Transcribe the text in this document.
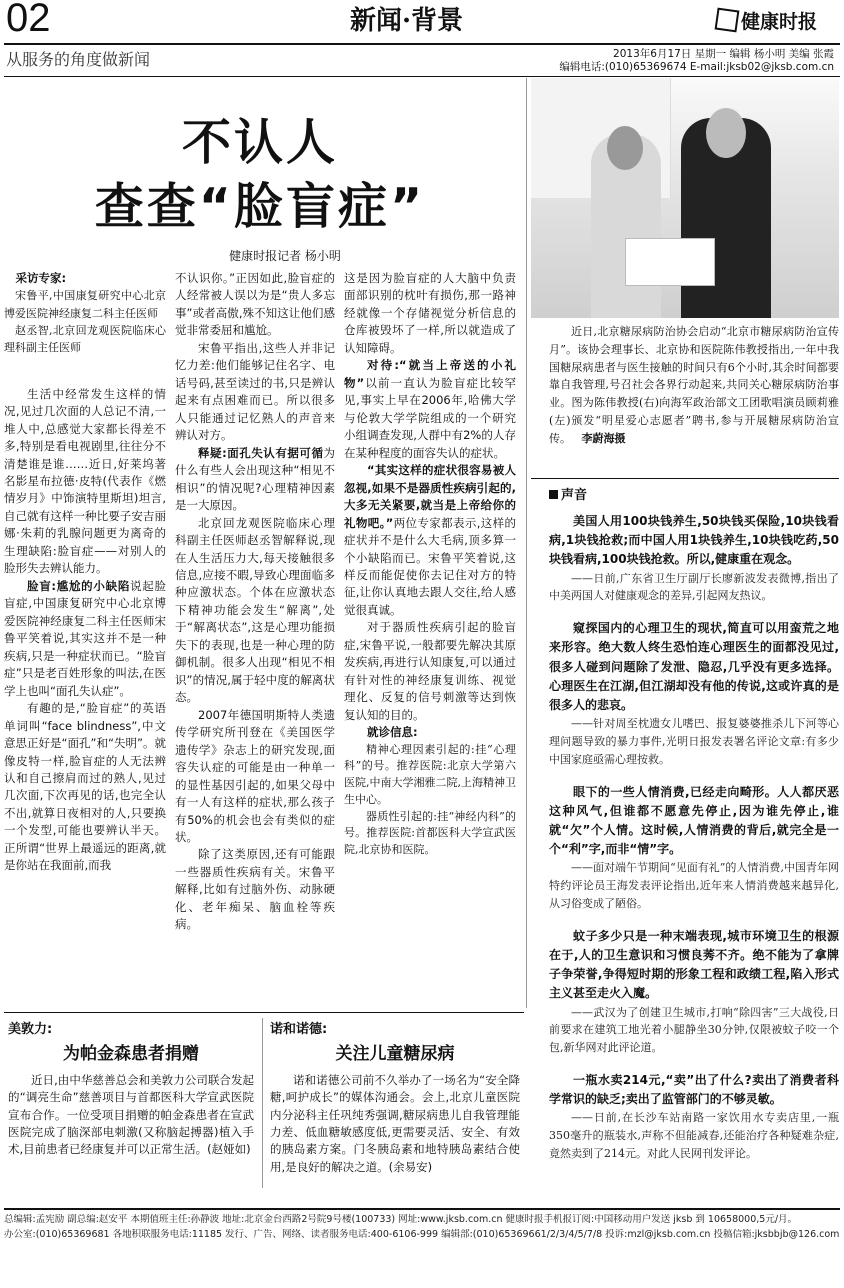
02
从服务的角度做新闻
新闻·背景	健康时报
2013年6月17日 星期一 编辑 杨小明 美编 张霞
编辑电话:(010)65369674 E-mail:jksb02@jksb.com.cn
不认人
查查“脸盲症”
健康时报记者 杨小明

采访专家:

宋鲁平,中国康复研究中心北京博爱医院神经康复二科主任医师

赵丞智,北京回龙观医院临床心理科副主任医师

生活中经常发生这样的情况,见过几次面的人总记不清,一堆人中,总感觉大家都长得差不多,特别是看电视剧里,往往分不清楚谁是谁……近日,好莱坞著名影星布拉德·皮特(代表作《燃情岁月》中饰演特里斯坦)坦言,自己就有这样一种比要子安吉丽娜·朱莉的乳腺问题更为离奇的生理缺陷:脸盲症——对别人的脸形失去辨认能力。

脸盲:尴尬的小缺陷说起脸盲症,中国康复研究中心北京博爱医院神经康复二科主任医师宋鲁平笑着说,其实这并不是一种疾病,只是一种症状而已。“脸盲症”只是老百姓形象的叫法,在医学上也叫“面孔失认症”。

有趣的是,“脸盲症”的英语单词叫“face blindness”,中文意思正好是“面孔”和“失明”。就像皮特一样,脸盲症的人无法辨认和自己擦肩而过的熟人,见过几次面,下次再见的话,也完全认不出,就算日夜相对的人,只要换一个发型,可能也要辨认半天。正所谓“世界上最遥远的距离,就是你站在我面前,而我

不认识你。”正因如此,脸盲症的人经常被人误以为是“贵人多忘事”或者高傲,殊不知这让他们感觉非常委屈和尴尬。

宋鲁平指出,这些人并非记忆力差:他们能够记住名字、电话号码,甚至读过的书,只是辨认起来有点困难而已。所以很多人只能通过记忆熟人的声音来辨认对方。

释疑:面孔失认有据可循为什么有些人会出现这种“相见不相识”的情况呢?心理精神因素是一大原因。

北京回龙观医院临床心理科副主任医师赵丞智解释说,现在人生活压力大,每天接触很多信息,应接不暇,导致心理面临多种应激状态。个体在应激状态下精神功能会发生“解离”,处于“解离状态”,这是心理功能损失下的表现,也是一种心理的防御机制。很多人出现“相见不相识”的情况,属于轻中度的解离状态。

2007年德国明斯特人类遗传学研究所刊登在《美国医学遗传学》杂志上的研究发现,面容失认症的可能是由一种单一的显性基因引起的,如果父母中有一人有这样的症状,那么孩子有50%的机会也会有类似的症状。

除了这类原因,还有可能跟一些器质性疾病有关。宋鲁平解释,比如有过脑外伤、动脉硬化、老年痴呆、脑血栓等疾病。

这是因为脸盲症的人大脑中负责面部识别的枕叶有损伤,那一路神经就像一个存储视觉分析信息的仓库被毁坏了一样,所以就造成了认知障碍。

对待:“就当上帝送的小礼物”以前一直认为脸盲症比较罕见,事实上早在2006年,哈佛大学与伦敦大学学院组成的一个研究小组调查发现,人群中有2%的人存在某种程度的面容失认的症状。

“其实这样的症状很容易被人忽视,如果不是器质性疾病引起的,大多无关紧要,就当是上帝给你的礼物吧。”两位专家都表示,这样的症状并不是什么大毛病,顶多算一个小缺陷而已。宋鲁平笑着说,这样反而能促使你去记住对方的特征,让你认真地去跟人交往,给人感觉很真诚。

对于器质性疾病引起的脸盲症,宋鲁平说,一般都要先解决其原发疾病,再进行认知康复,可以通过有针对性的神经康复训练、视觉理化、反复的信号刺激等达到恢复认知的目的。

就诊信息:

精神心理因素引起的:挂“心理科”的号。推荐医院:北京大学第六医院,中南大学湘雅二院,上海精神卫生中心。

器质性引起的:挂“神经内科”的号。推荐医院:首都医科大学宣武医院,北京协和医院。

近日,北京糖尿病防治协会启动“北京市糖尿病防治宣传月”。该协会理事长、北京协和医院陈伟教授指出,一年中我国糖尿病患者与医生接触的时间只有6个小时,其余时间都要靠自我管理,号召社会各界行动起来,共同关心糖尿病防治事业。图为陈伟教授(右)向海军政治部文工团歌唱演员顾莉雅(左)颁发“明星爱心志愿者”聘书,参与开展糖尿病防治宣传。 李蔚海摄

声音
美国人用100块钱养生,50块钱买保险,10块钱看病,1块钱抢救;而中国人用1块钱养生,10块钱吃药,50块钱看病,100块钱抢救。所以,健康重在观念。
——日前,广东省卫生厅副厅长廖新波发表微博,指出了中美两国人对健康观念的差异,引起网友热议。
窥探国内的心理卫生的现状,简直可以用蛮荒之地来形容。绝大数人终生恐怕连心理医生的面都没见过,很多人碰到问题除了发泄、隐忍,几乎没有更多选择。心理医生在江湖,但江湖却没有他的传说,这或许真的是很多人的悲哀。
——针对周至枕遗女儿嗜巴、报复婆婆推杀儿下河等心理问题导致的暴力事件,光明日报发表署名评论文章:有多少中国家庭亟需心理按救。
眼下的一些人情消费,已经走向畸形。人人都厌恶这种风气,但谁都不愿意先停止,因为谁先停止,谁就“欠”个人情。这时候,人情消费的背后,就完全是一个“利”字,而非“情”字。
——面对端午节期间“见面有礼”的人情消费,中国青年网特约评论员王海发表评论指出,近年来人情消费越来越异化,从习俗变成了陋俗。
蚊子多少只是一种末端表现,城市环境卫生的根源在于,人的卫生意识和习惯良莠不齐。绝不能为了拿牌子争荣誉,争得短时期的形象工程和政绩工程,陷入形式主义甚至走火入魔。
——武汉为了创建卫生城市,打响“除四害”三大战役,日前要求在建筑工地光着小腿静坐30分钟,仅限被蚊子咬一个包,新华网对此评论道。
一瓶水卖214元,“卖”出了什么?卖出了消费者科学常识的缺乏;卖出了监管部门的不够灵敏。
——日前,在长沙车站南路一家饮用水专卖店里,一瓶350毫升的瓶装水,声称不但能减春,还能治疗各种疑难杂症,竟然卖到了214元。对此人民网刊发评论。
美敦力:
为帕金森患者捐赠

近日,由中华慈善总会和美敦力公司联合发起的“调亮生命”慈善项目与首都医科大学宣武医院宣布合作。一位受项目捐赠的帕金森患者在宣武医院完成了脑深部电刺激(又称脑起搏器)植入手术,目前患者已经康复并可以正常生活。(赵娅如)

诺和诺德:
关注儿童糖尿病

诺和诺德公司前不久举办了一场名为“安全降糖,呵护成长”的媒体沟通会。会上,北京儿童医院内分泌科主任巩纯秀强调,糖尿病患儿自我管理能力差、低血糖敏感度低,更需要灵活、安全、有效的胰岛素方案。门冬胰岛素和地特胰岛素结合使用,是良好的解决之道。(余易安)

总编辑:孟宪励 副总编:赵安平 本期值班主任:孙静波 地址:北京金台西路2号院9号楼(100733) 网址:www.jksb.com.cn 健康时报手机报订阅:中国移动用户发送 jksb 到 10658000,5元/月。
办公室:(010)65369681 各地积联服务电话:11185 发行、广告、网络、读者服务电话:400-6106-999 编辑部:(010)65369661/2/3/4/5/7/8 投诉:mzl@jksb.com.cn 投稿信箱:jksbbjb@126.com
